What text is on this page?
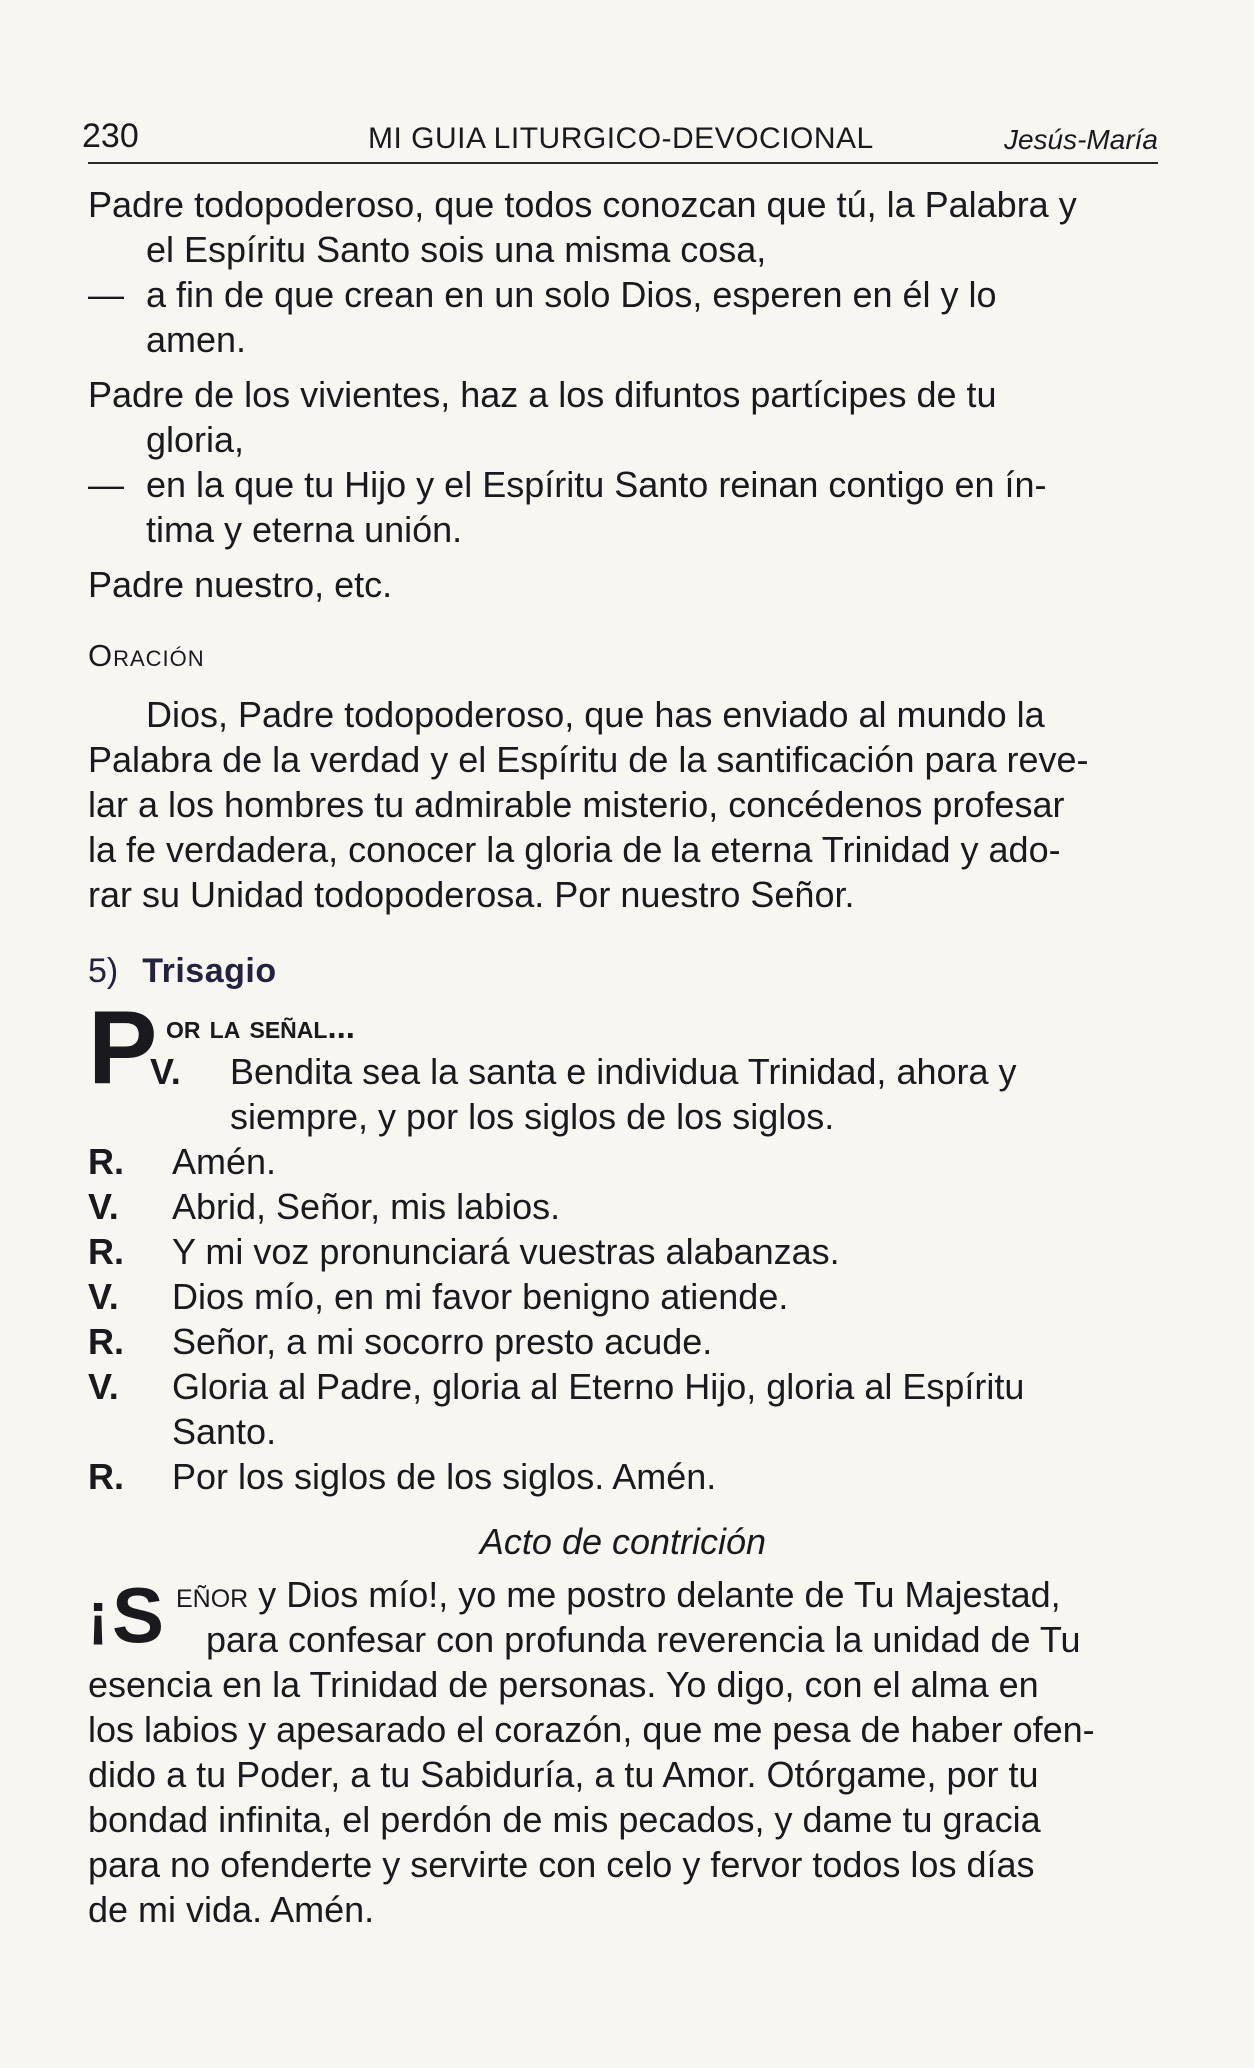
230	MI GUIA LITURGICO-DEVOCIONAL	Jesús-María

Padre todopoderoso, que todos conozcan que tú, la Palabra y

el Espíritu Santo sois una misma cosa,

— a fin de que crean en un solo Dios, esperen en él y lo

amen.

Padre de los vivientes, haz a los difuntos partícipes de tu

gloria,

— en la que tu Hijo y el Espíritu Santo reinan contigo en ín-

tima y eterna unión.

Padre nuestro, etc.

Oración

Dios, Padre todopoderoso, que has enviado al mundo la

Palabra de la verdad y el Espíritu de la santificación para reve-

lar a los hombres tu admirable misterio, concédenos profesar

la fe verdadera, conocer la gloria de la eterna Trinidad y ado-

rar su Unidad todopoderosa. Por nuestro Señor.

5) Trisagio
P or la señal...

V.	Bendita sea la santa e individua Trinidad, ahora y

siempre, y por los siglos de los siglos.

R.	Amén.

V.	Abrid, Señor, mis labios.

R.	Y mi voz pronunciará vuestras alabanzas.

V.	Dios mío, en mi favor benigno atiende.

R.	Señor, a mi socorro presto acude.

V.	Gloria al Padre, gloria al Eterno Hijo, gloria al Espíritu

Santo.

R.	Por los siglos de los siglos. Amén.

Acto de contrición
¡S eñor y Dios mío!, yo me postro delante de Tu Majestad,

para confesar con profunda reverencia la unidad de Tu

esencia en la Trinidad de personas. Yo digo, con el alma en

los labios y apesarado el corazón, que me pesa de haber ofen-

dido a tu Poder, a tu Sabiduría, a tu Amor. Otórgame, por tu

bondad infinita, el perdón de mis pecados, y dame tu gracia

para no ofenderte y servirte con celo y fervor todos los días

de mi vida. Amén.
